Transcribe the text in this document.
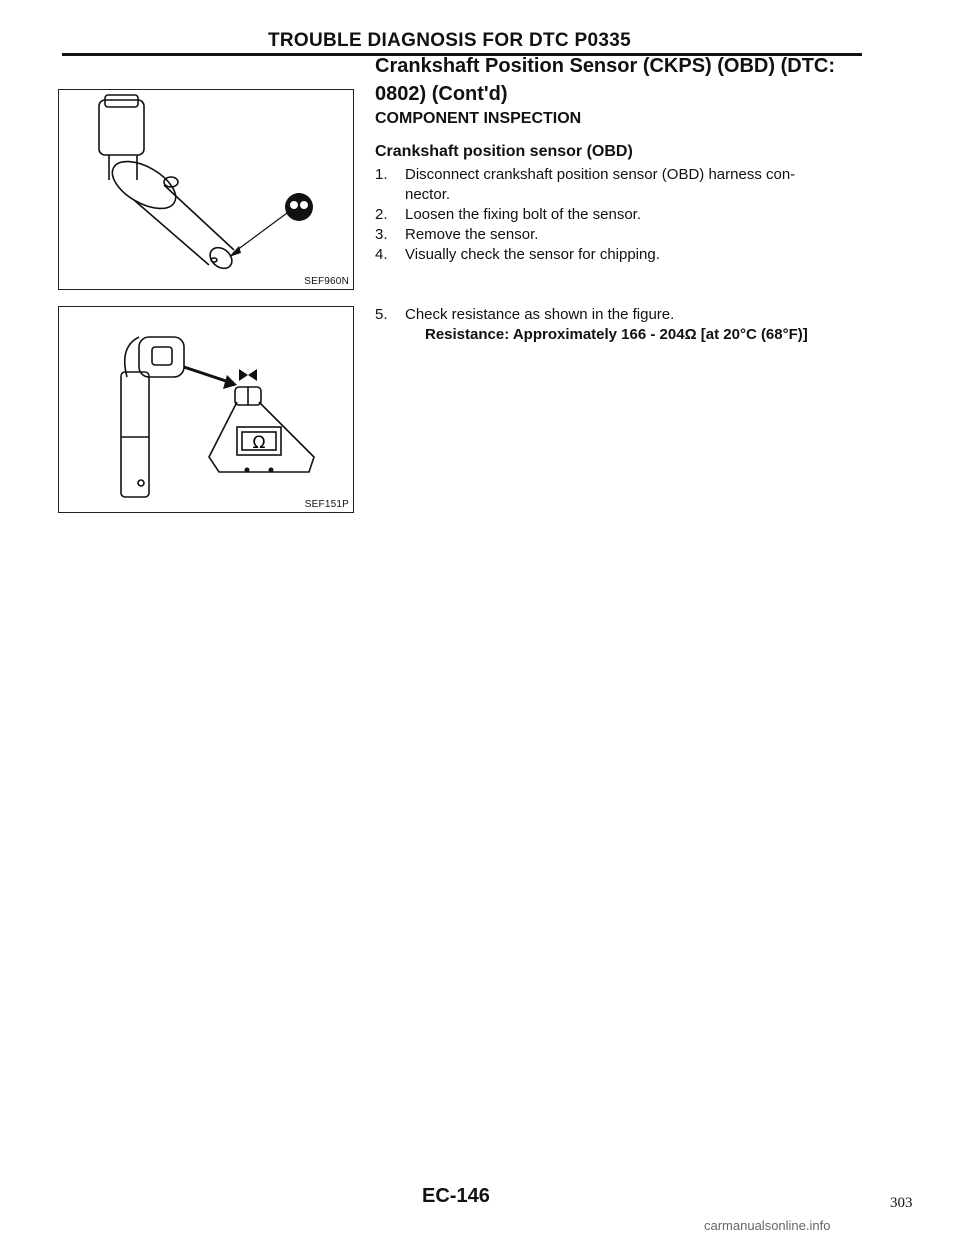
TROUBLE DIAGNOSIS FOR DTC P0335
SEF960N
Ω
SEF151P
Crankshaft Position Sensor (CKPS) (OBD) (DTC:
0802) (Cont'd)
COMPONENT INSPECTION
Crankshaft position sensor (OBD)
1. Disconnect crankshaft position sensor (OBD) harness con-
nector.
2. Loosen the fixing bolt of the sensor.
3. Remove the sensor.
4. Visually check the sensor for chipping.
5. Check resistance as shown in the figure.
Resistance: Approximately 166 - 204Ω [at 20°C (68°F)]
EC-146	303
carmanualsonline.info
